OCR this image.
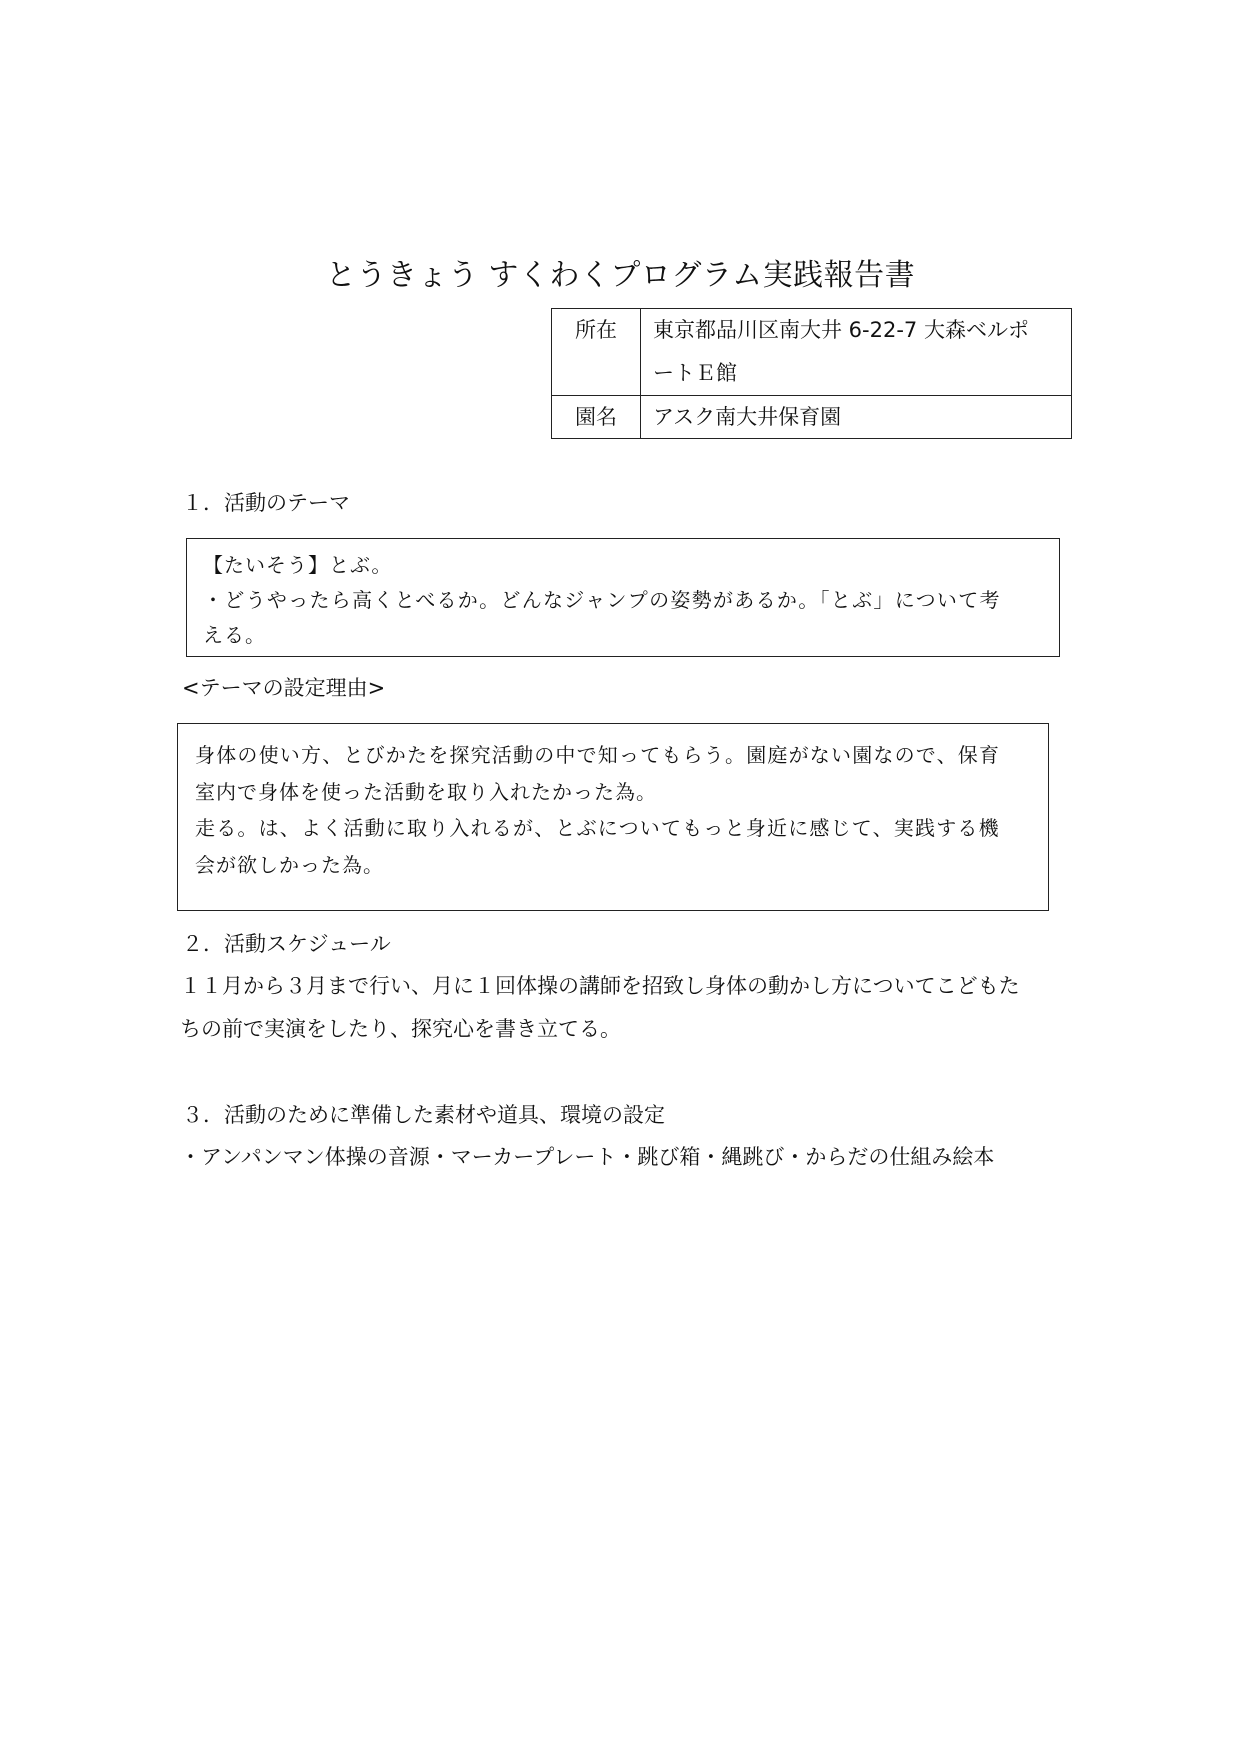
とうきょう すくわくプログラム実践報告書
所在	東京都品川区南大井 6-22-7 大森ベルポ
ートＥ館

園名	アスク南大井保育園
１．活動のテーマ

【たいそう】とぶ。

・どうやったら高くとべるか。どんなジャンプの姿勢があるか。「とぶ」について考

える。

<テーマの設定理由>

身体の使い方、とびかたを探究活動の中で知ってもらう。園庭がない園なので、保育

室内で身体を使った活動を取り入れたかった為。

走る。は、よく活動に取り入れるが、とぶについてもっと身近に感じて、実践する機

会が欲しかった為。

２．活動スケジュール
１１月から３月まで行い、月に１回体操の講師を招致し身体の動かし方についてこどもた
ちの前で実演をしたり、探究心を書き立てる。
３．活動のために準備した素材や道具、環境の設定
・アンパンマン体操の音源・マーカープレート・跳び箱・縄跳び・からだの仕組み絵本
